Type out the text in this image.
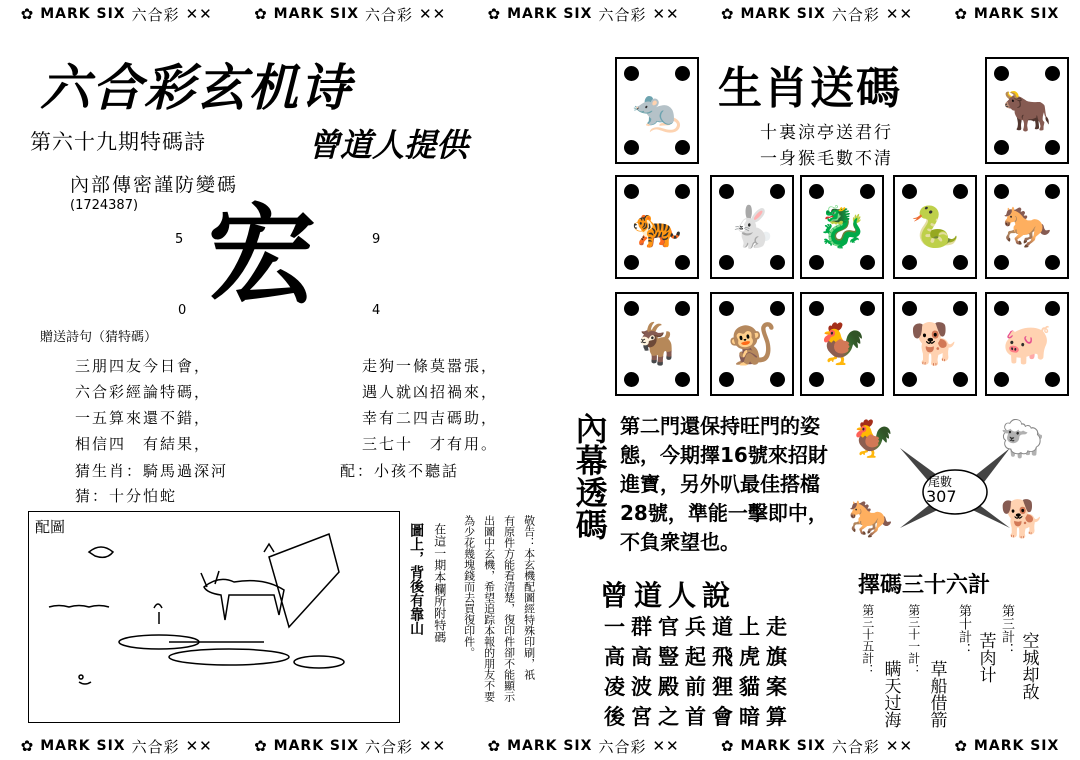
✿ MARK SIX 六合彩 ✕✕	✿ MARK SIX 六合彩 ✕✕	✿ MARK SIX 六合彩 ✕✕	✿ MARK SIX 六合彩 ✕✕	✿ MARK SIX
✿ MARK SIX 六合彩 ✕✕	✿ MARK SIX 六合彩 ✕✕	✿ MARK SIX 六合彩 ✕✕	✿ MARK SIX 六合彩 ✕✕	✿ MARK SIX
六合彩玄机诗
第六十九期特碼詩	曾道人提供
內部傳密謹防變碼
(1724387)
5	9
0	4
宏
贈送詩句（猜特碼）
三朋四友今日會，	走狗一條莫嚣張，
六合彩經論特碼，	遇人就凶招禍來，
一五算來還不錯，	幸有二四吉碼助，
相信四　有結果，	三七十　才有用。
猜生肖：騎馬過深河	配：小孩不聽話
猜：十分怕蛇
配圖	圖上，背後有靠山 在這一期本欄所附特碼 為少花幾塊錢而去買復印件。 出圖中玄機，希望追踪本報的朋友不要 有原件方能看清楚，復印件卻不能顯示 敬告：本玄機配圖經特殊印刷，祇
生肖送碼
十裏涼亭送君行
一身猴毛數不清
🐀	🐂
🐅	🐇	🐉	🐍	🐎
🐐	🐒	🐓	🐕	🐖
內幕透碼 第二門還保持旺門的姿態，今期擇16號來招財進寶，另外叭最佳搭檔28號，準能一擊即中，不負衆望也。
尾數
307
🐓	🐑
🐎	🐕
曾道人說
一群官兵道上走
高高豎起飛虎旗
凌波殿前狸貓案
後宮之首會暗算
擇碼三十六計
第三計：
空城却敌
第十計：
苦肉计
第三十一計：
草船借箭
第三十五計：
瞒天过海
